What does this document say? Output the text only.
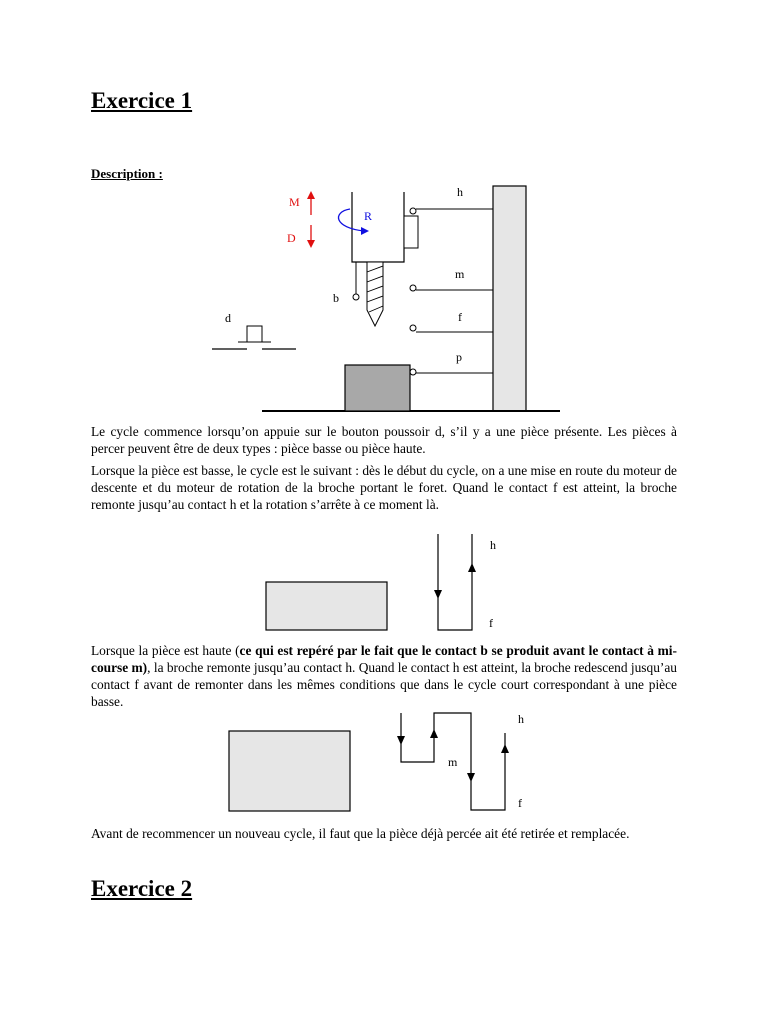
Exercice 1
Description :
M
D
R
h
m
f
p
b
d

Le cycle commence lorsqu’on appuie sur le bouton poussoir d, s’il y a une pièce présente. Les pièces à percer peuvent être de deux types : pièce basse ou pièce haute.

Lorsque la pièce est basse, le cycle est le suivant : dès le début du cycle, on a une mise en route du moteur de descente et du moteur de rotation de la broche portant le foret. Quand le contact f est atteint, la broche remonte jusqu’au contact h et la rotation s’arrête à ce moment là.

h
f

Lorsque la pièce est haute (ce qui est repéré par le fait que le contact b se produit avant le contact à mi-course m), la broche remonte jusqu’au contact h. Quand le contact h est atteint, la broche redescend jusqu’au contact f avant de remonter dans les mêmes conditions que dans le cycle court correspondant à une pièce basse.

h
m
f

Avant de recommencer un nouveau cycle, il faut que la pièce déjà percée ait été retirée et remplacée.

Exercice 2
